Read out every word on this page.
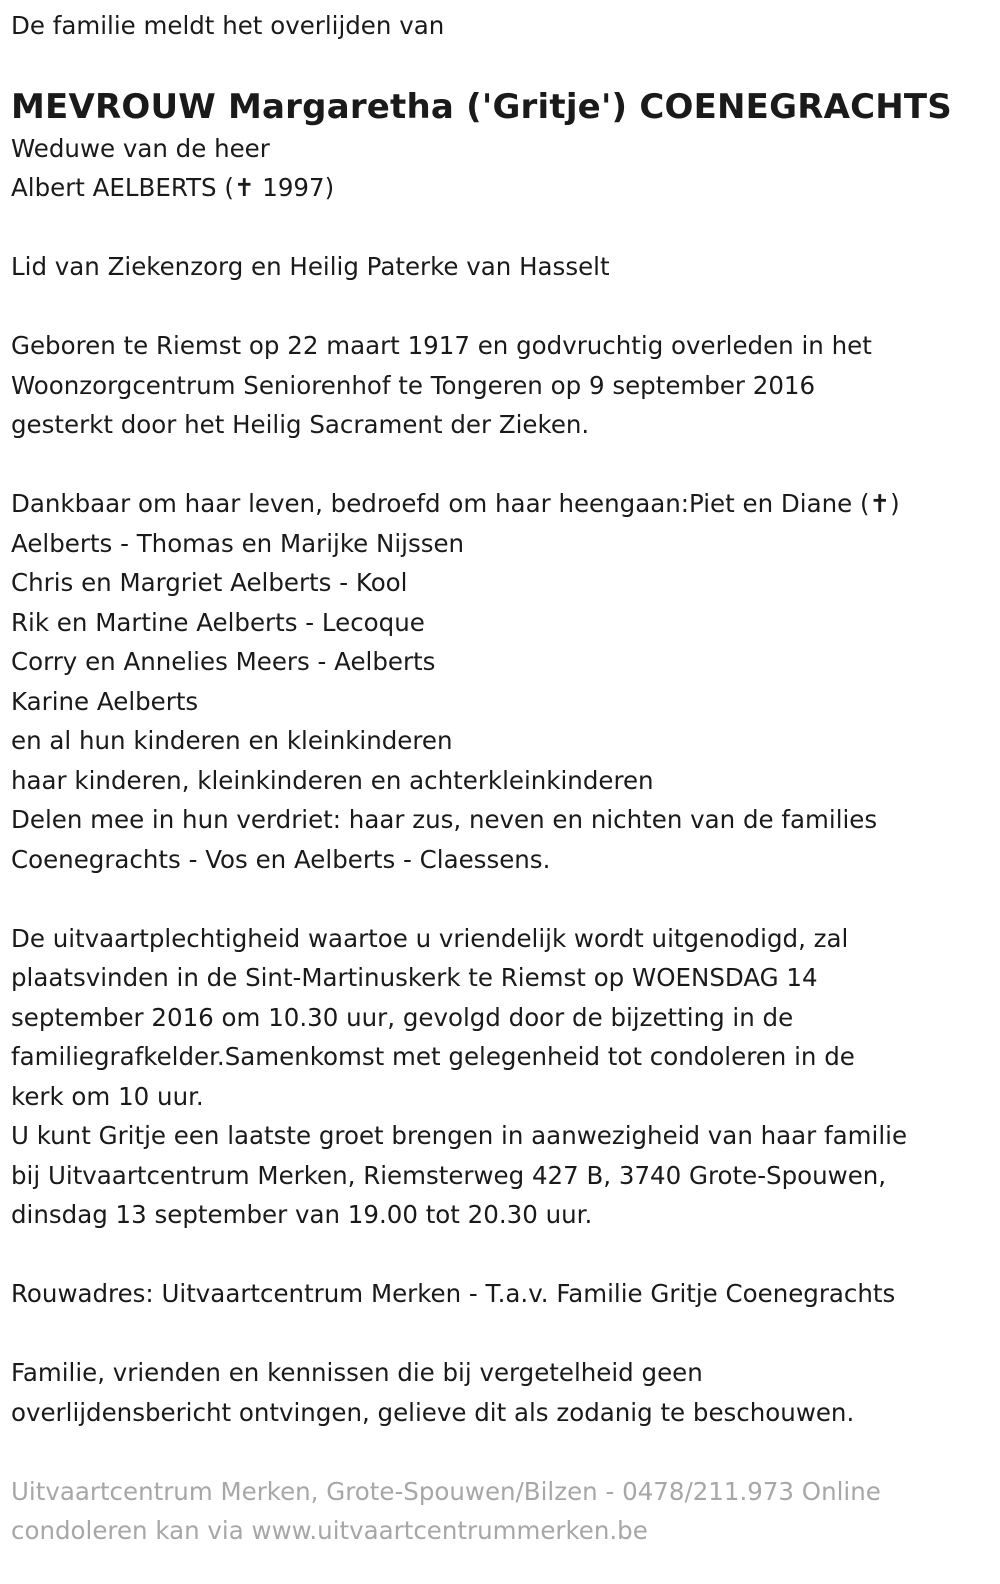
De familie meldt het overlijden van

MEVROUW Margaretha ('Gritje') COENEGRACHTS

Weduwe van de heer

Albert AELBERTS (✝ 1997)

Lid van Ziekenzorg en Heilig Paterke van Hasselt

Geboren te Riemst op 22 maart 1917 en godvruchtig overleden in het

Woonzorgcentrum Seniorenhof te Tongeren op 9 september 2016

gesterkt door het Heilig Sacrament der Zieken.

Dankbaar om haar leven, bedroefd om haar heengaan:Piet en Diane (✝)

Aelberts - Thomas en Marijke Nijssen

Chris en Margriet Aelberts - Kool

Rik en Martine Aelberts - Lecoque

Corry en Annelies Meers - Aelberts

Karine Aelberts

en al hun kinderen en kleinkinderen

haar kinderen, kleinkinderen en achterkleinkinderen

Delen mee in hun verdriet: haar zus, neven en nichten van de families

Coenegrachts - Vos en Aelberts - Claessens.

De uitvaartplechtigheid waartoe u vriendelijk wordt uitgenodigd, zal

plaatsvinden in de Sint-Martinuskerk te Riemst op WOENSDAG 14

september 2016 om 10.30 uur, gevolgd door de bijzetting in de

familiegrafkelder.Samenkomst met gelegenheid tot condoleren in de

kerk om 10 uur.

U kunt Gritje een laatste groet brengen in aanwezigheid van haar familie

bij Uitvaartcentrum Merken, Riemsterweg 427 B, 3740 Grote-Spouwen,

dinsdag 13 september van 19.00 tot 20.30 uur.

Rouwadres: Uitvaartcentrum Merken - T.a.v. Familie Gritje Coenegrachts

Familie, vrienden en kennissen die bij vergetelheid geen

overlijdensbericht ontvingen, gelieve dit als zodanig te beschouwen.

Uitvaartcentrum Merken, Grote-Spouwen/Bilzen - 0478/211.973 Online

condoleren kan via www.uitvaartcentrummerken.be
